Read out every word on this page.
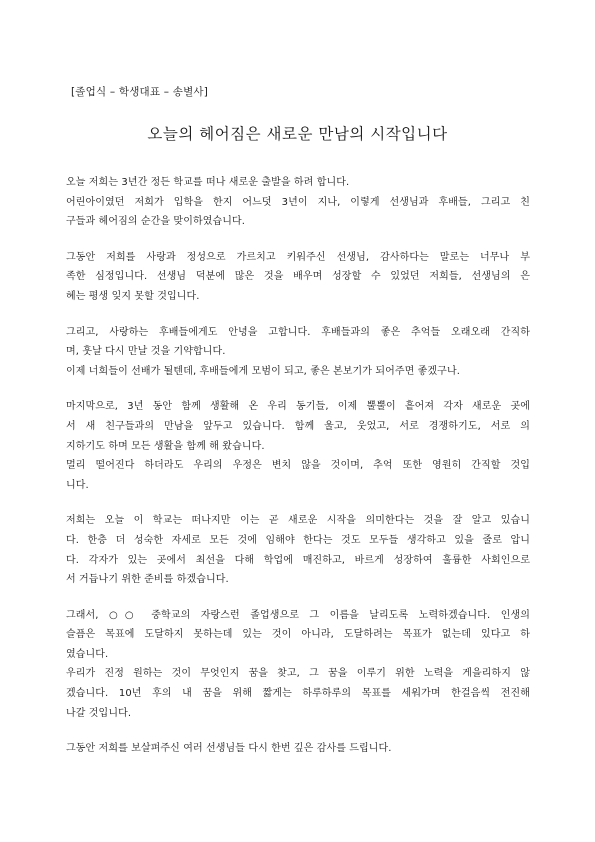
[졸업식 – 학생대표 – 송별사]
오늘의 헤어짐은 새로운 만남의 시작입니다
오늘 저희는 3년간 정든 학교를 떠나 새로운 출발을 하려 합니다.
어린아이였던 저희가 입학을 한지 어느덧 3년이 지나, 이렇게 선생님과 후배들, 그리고 친
구들과 헤어짐의 순간을 맞이하였습니다.
그동안 저희를 사랑과 정성으로 가르치고 키워주신 선생님, 감사하다는 말로는 너무나 부
족한 심정입니다. 선생님 덕분에 많은 것을 배우며 성장할 수 있었던 저희들, 선생님의 은
혜는 평생 잊지 못할 것입니다.
그리고, 사랑하는 후배들에게도 안녕을 고합니다. 후배들과의 좋은 추억들 오래오래 간직하
며, 훗날 다시 만날 것을 기약합니다.
이제 너희들이 선배가 될텐데, 후배들에게 모범이 되고, 좋은 본보기가 되어주면 좋겠구나.
마지막으로, 3년 동안 함께 생활해 온 우리 동기들, 이제 뿔뿔이 흩어져 각자 새로운 곳에
서 새 친구들과의 만남을 앞두고 있습니다. 함께 울고, 웃었고, 서로 경쟁하기도, 서로 의
지하기도 하며 모든 생활을 함께 해 왔습니다.
멀리 떨어진다 하더라도 우리의 우정은 변치 않을 것이며, 추억 또한 영원히 간직할 것입
니다.
저희는 오늘 이 학교는 떠나지만 이는 곧 새로운 시작을 의미한다는 것을 잘 알고 있습니
다. 한층 더 성숙한 자세로 모든 것에 임해야 한다는 것도 모두들 생각하고 있을 줄로 압니
다. 각자가 있는 곳에서 최선을 다해 학업에 매진하고, 바르게 성장하여 훌륭한 사회인으로
서 거듭나기 위한 준비를 하겠습니다.
그래서, ○○ 중학교의 자랑스런 졸업생으로 그 이름을 날리도록 노력하겠습니다. 인생의
슬픔은 목표에 도달하지 못하는데 있는 것이 아니라, 도달하려는 목표가 없는데 있다고 하
였습니다.
우리가 진정 원하는 것이 무엇인지 꿈을 찾고, 그 꿈을 이루기 위한 노력을 게을리하지 않
겠습니다. 10년 후의 내 꿈을 위해 짧게는 하루하루의 목표를 세워가며 한걸음씩 전진해
나갈 것입니다.
그동안 저희를 보살펴주신 여러 선생님들 다시 한번 깊은 감사를 드립니다.
